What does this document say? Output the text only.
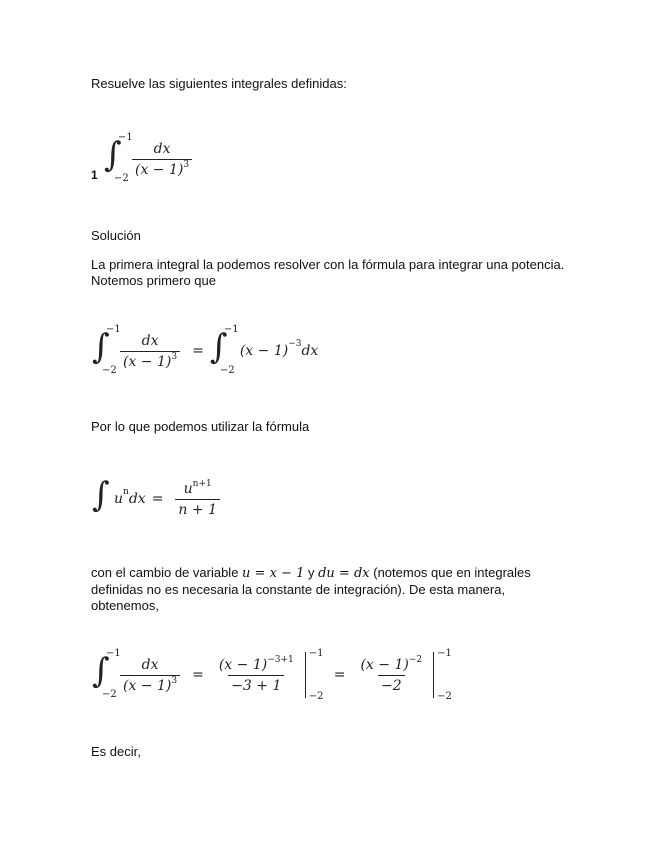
Resuelve las siguientes integrales definidas:
1 ∫
−1
−2
$\frac{dx}{(x - 1)^3}$
Solución
La primera integral la podemos resolver con la fórmula para integrar una potencia. Notemos primero que
∫
−1
−2
$\frac{dx}{(x - 1)^3}$ = ∫
−1
−2
(x − 1) −3 dx
Por lo que podemos utilizar la fórmula
∫ u n dx = $\frac{u^{n+1}}{n + 1}$
con el cambio de variable u = x − 1 y du = dx (notemos que en integrales definidas no es necesaria la constante de integración). De esta manera, obtenemos,
∫
−1
−2
$\frac{dx}{(x - 1)^3} = \frac{(x - 1)^{-3+1}}{-3 + 1}$
−1
−2
= $\frac{(x - 1)^{-2}}{-2}$
−1
−2
Es decir,
